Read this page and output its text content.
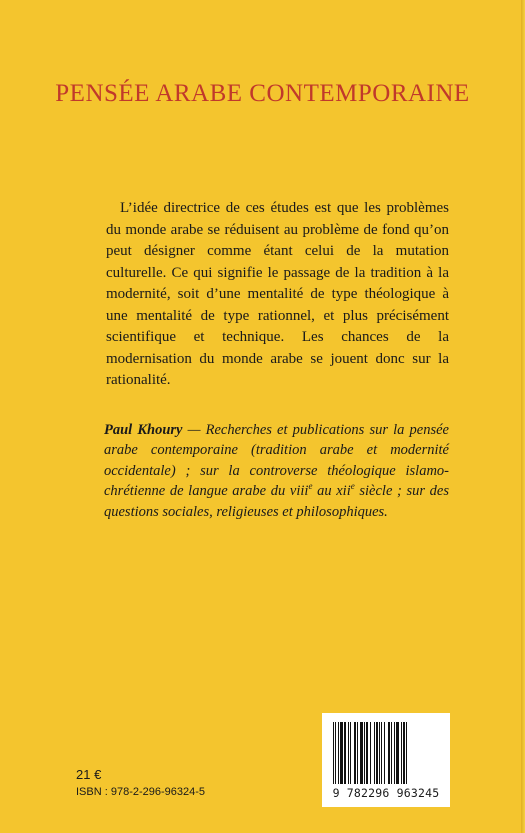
PENSÉE ARABE CONTEMPORAINE

L’idée directrice de ces études est que les problèmes du monde arabe se réduisent au problème de fond qu’on peut désigner comme étant celui de la mutation culturelle. Ce qui signifie le passage de la tradition à la modernité, soit d’une mentalité de type théologique à une mentalité de type rationnel, et plus précisément scientifique et technique. Les chances de la modernisation du monde arabe se jouent donc sur la rationalité.

Paul Khoury — Recherches et publications sur la pensée arabe contemporaine (tradition arabe et modernité occidentale) ; sur la controverse théologique islamo-chrétienne de langue arabe du viii$^e$ au xii$^e$ siècle ; sur des questions sociales, religieuses et philosophiques.

21 €
ISBN : 978-2-296-96324-5	9 782296 963245
